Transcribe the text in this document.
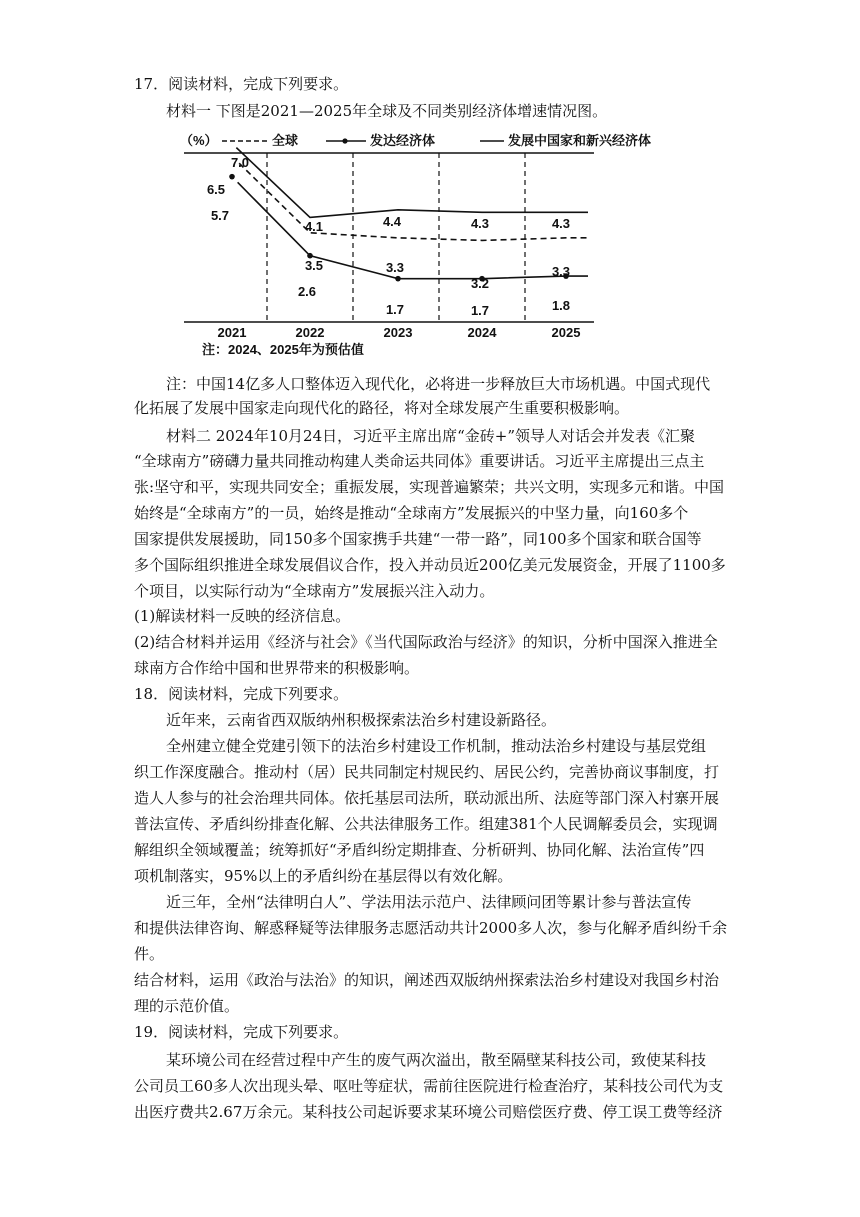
17．阅读材料，完成下列要求。
材料一 下图是2021—2025年全球及不同类别经济体增速情况图。
（%）	全球	发达经济体	发展中国家和新兴经济体
7.0
4.1	4.4	4.3	4.3
6.5
3.5	3.3
3.2
3.3
5.7
2.6
1.7	1.7	1.8
2021	2022	2023	2024	2025
注：2024、2025年为预估值
注：中国14亿多人口整体迈入现代化，必将进一步释放巨大市场机遇。中国式现代
化拓展了发展中国家走向现代化的路径，将对全球发展产生重要积极影响。
材料二 2024年10月24日，习近平主席出席“金砖+”领导人对话会并发表《汇聚
“全球南方”磅礴力量共同推动构建人类命运共同体》重要讲话。习近平主席提出三点主
张:坚守和平，实现共同安全；重振发展，实现普遍繁荣；共兴文明，实现多元和谐。中国
始终是“全球南方”的一员，始终是推动“全球南方”发展振兴的中坚力量，向160多个
国家提供发展援助，同150多个国家携手共建“一带一路”，同100多个国家和联合国等
多个国际组织推进全球发展倡议合作，投入并动员近200亿美元发展资金，开展了1100多
个项目，以实际行动为“全球南方”发展振兴注入动力。
(1)解读材料一反映的经济信息。
(2)结合材料并运用《经济与社会》《当代国际政治与经济》的知识，分析中国深入推进全
球南方合作给中国和世界带来的积极影响。
18．阅读材料，完成下列要求。
近年来，云南省西双版纳州积极探索法治乡村建设新路径。
全州建立健全党建引领下的法治乡村建设工作机制，推动法治乡村建设与基层党组
织工作深度融合。推动村（居）民共同制定村规民约、居民公约，完善协商议事制度，打
造人人参与的社会治理共同体。依托基层司法所，联动派出所、法庭等部门深入村寨开展
普法宣传、矛盾纠纷排查化解、公共法律服务工作。组建381个人民调解委员会，实现调
解组织全领域覆盖；统筹抓好“矛盾纠纷定期排查、分析研判、协同化解、法治宣传”四
项机制落实，95%以上的矛盾纠纷在基层得以有效化解。
近三年，全州“法律明白人”、学法用法示范户、法律顾问团等累计参与普法宣传
和提供法律咨询、解惑释疑等法律服务志愿活动共计2000多人次，参与化解矛盾纠纷千余
件。
结合材料，运用《政治与法治》的知识，阐述西双版纳州探索法治乡村建设对我国乡村治
理的示范价值。
19．阅读材料，完成下列要求。
某环境公司在经营过程中产生的废气两次溢出，散至隔壁某科技公司，致使某科技
公司员工60多人次出现头晕、呕吐等症状，需前往医院进行检查治疗，某科技公司代为支
出医疗费共2.67万余元。某科技公司起诉要求某环境公司赔偿医疗费、停工误工费等经济
